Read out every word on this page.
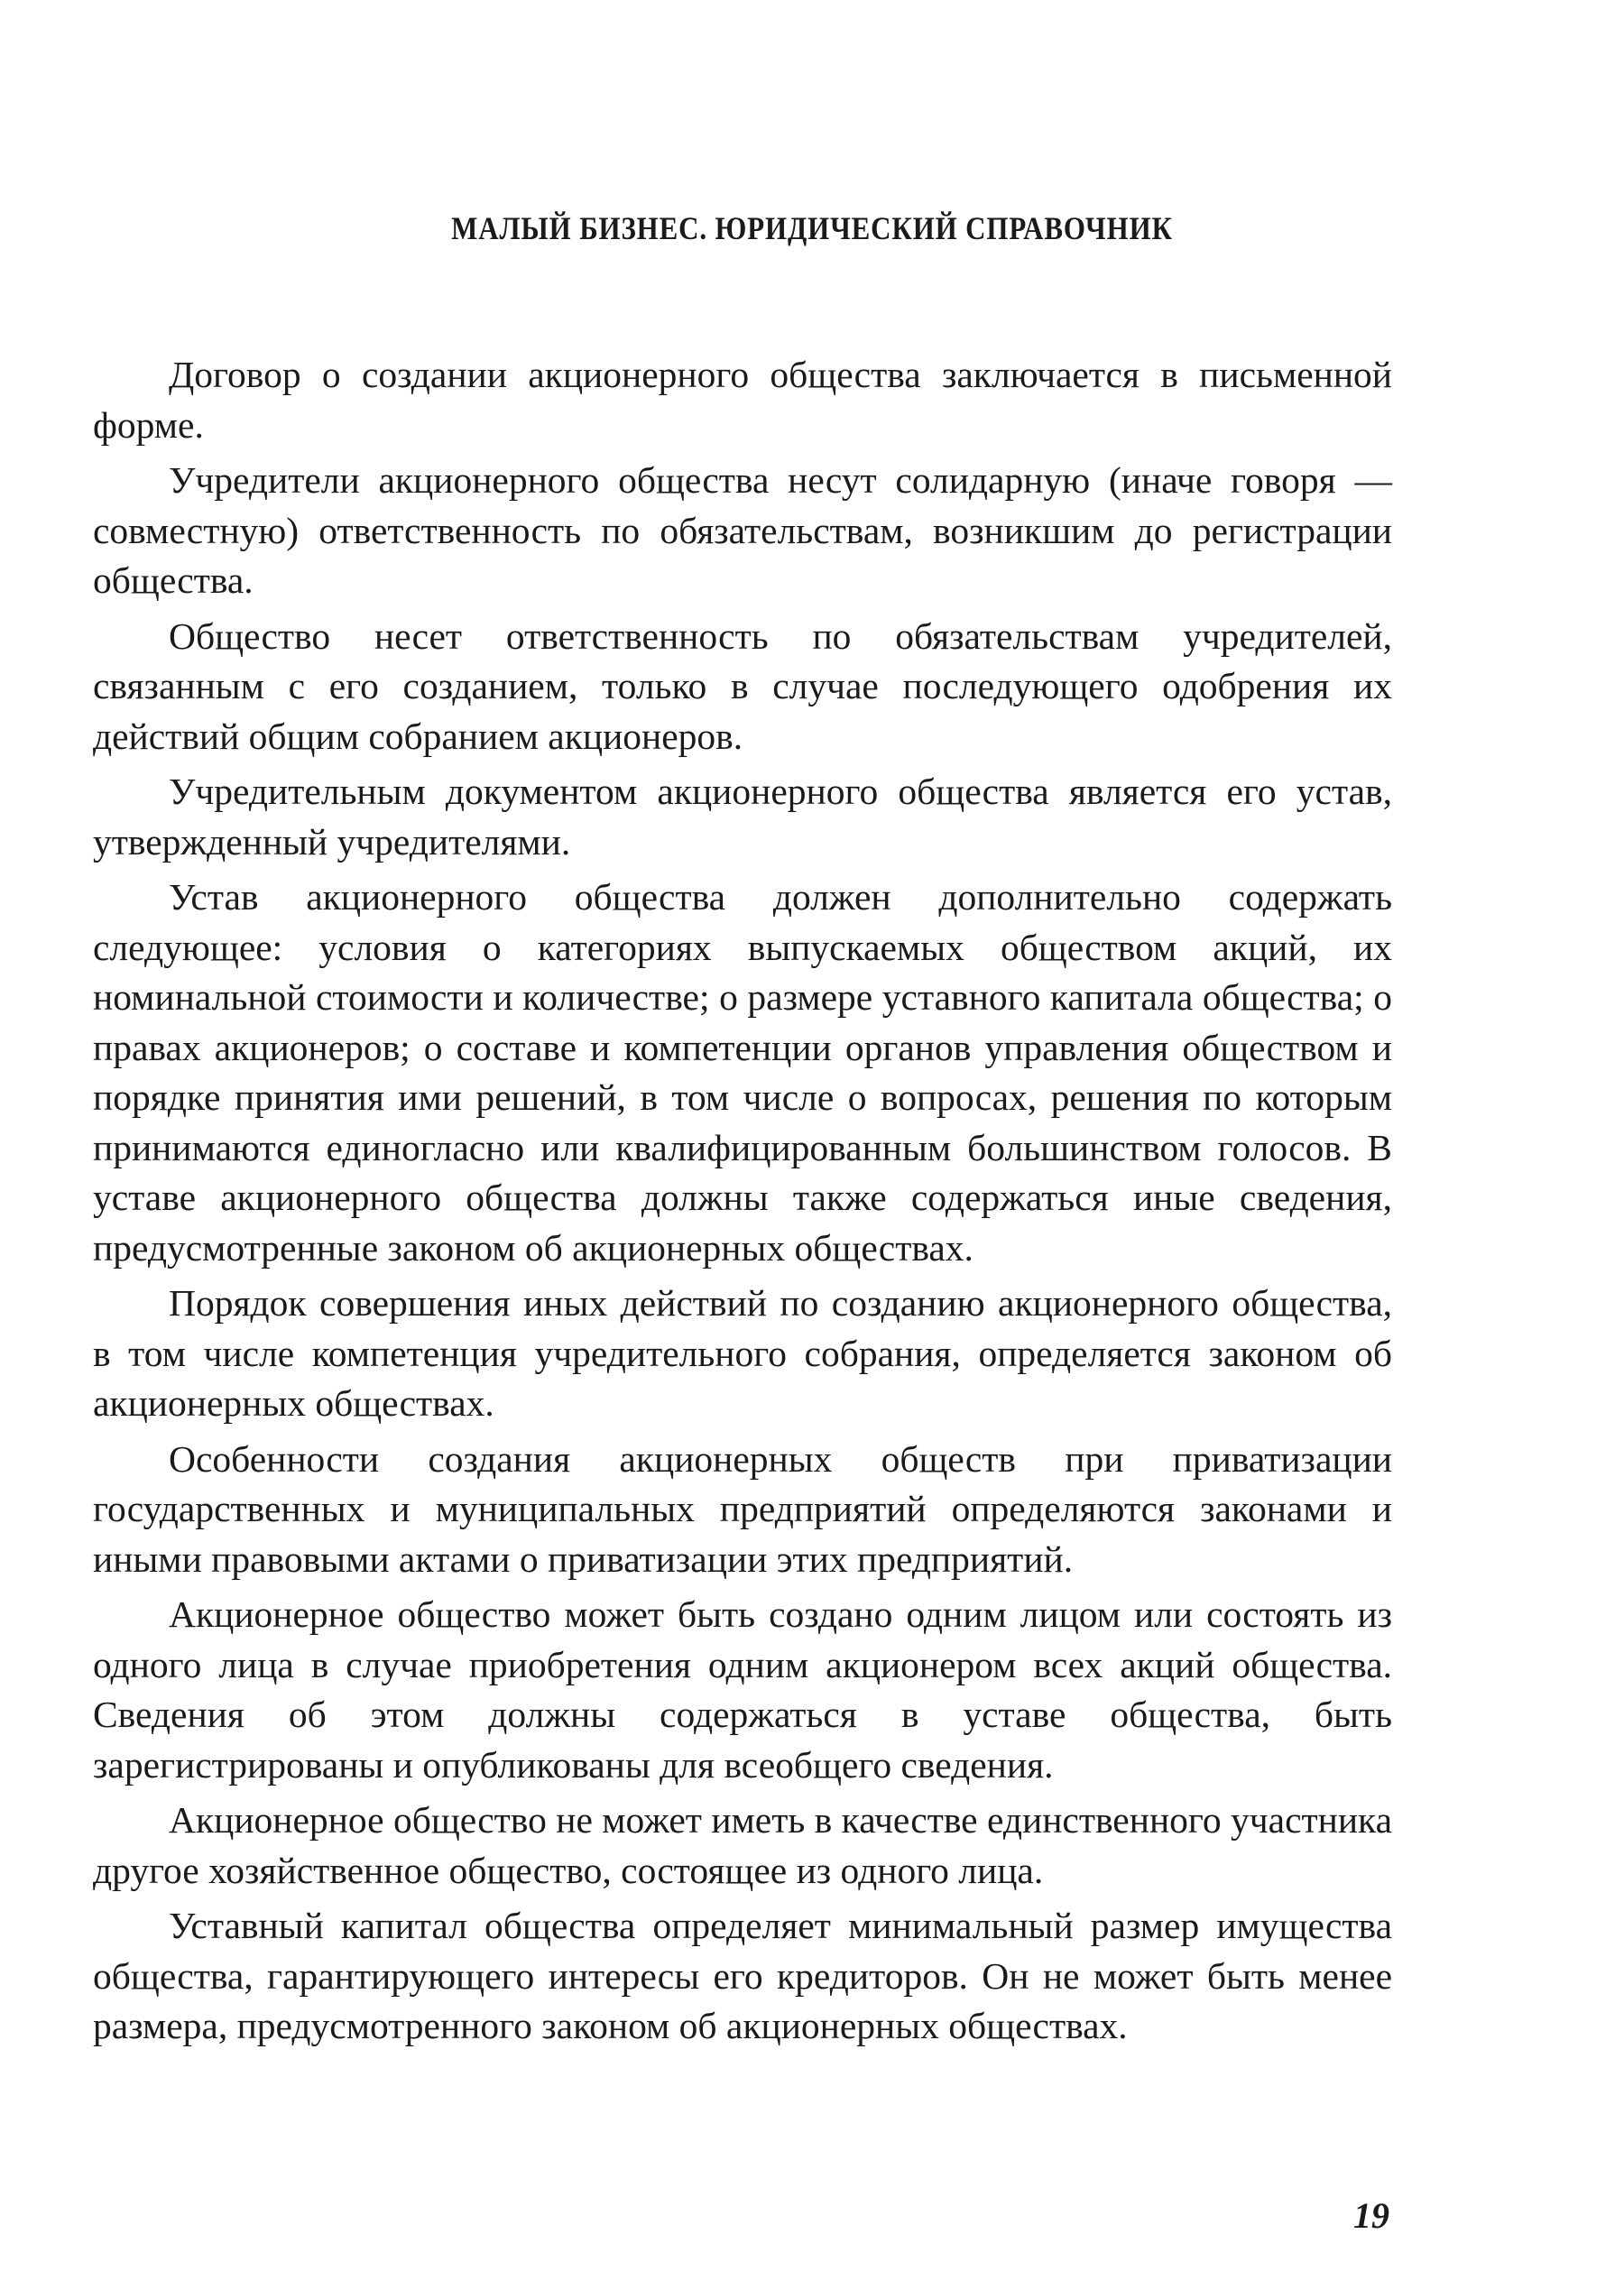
МАЛЫЙ БИЗНЕС. ЮРИДИЧЕСКИЙ СПРАВОЧНИК

Договор о создании акционерного общества заключается в письменной форме.

Учредители акционерного общества несут солидарную (иначе говоря — совместную) ответственность по обязательствам, возникшим до регистрации общества.

Общество несет ответственность по обязательствам учредителей, связанным с его созданием, только в случае последующего одобрения их действий общим собранием акционеров.

Учредительным документом акционерного общества является его устав, утвержденный учредителями.

Устав акционерного общества должен дополнительно содержать следующее: условия о категориях выпускаемых обществом акций, их номинальной стоимости и количестве; о размере уставного капитала общества; о правах акционеров; о составе и компетенции органов управления обществом и порядке принятия ими решений, в том числе о вопросах, решения по которым принимаются единогласно или квалифицированным большинством голосов. В уставе акционерного общества должны также содержаться иные сведения, предусмотренные законом об акционерных обществах.

Порядок совершения иных действий по созданию акционерного общества, в том числе компетенция учредительного собрания, определяется законом об акционерных обществах.

Особенности создания акционерных обществ при приватизации государственных и муниципальных предприятий определяются законами и иными правовыми актами о приватизации этих предприятий.

Акционерное общество может быть создано одним лицом или состоять из одного лица в случае приобретения одним акционером всех акций общества. Сведения об этом должны содержаться в уставе общества, быть зарегистрированы и опубликованы для всеобщего сведения.

Акционерное общество не может иметь в качестве единственного участника другое хозяйственное общество, состоящее из одного лица.

Уставный капитал общества определяет минимальный размер имущества общества, гарантирующего интересы его кредиторов. Он не может быть менее размера, предусмотренного законом об акционерных обществах.

19
